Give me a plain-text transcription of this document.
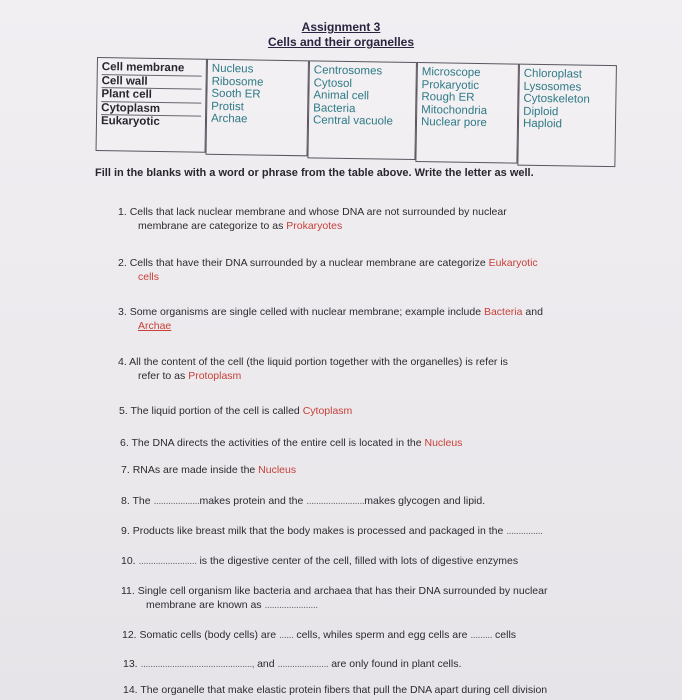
Assignment 3
Cells and their organelles
Cell membrane
Cell wall
Plant cell
Cytoplasm
Eukaryotic
Nucleus
Ribosome
Sooth ER
Protist
Archae
Centrosomes
Cytosol
Animal cell
Bacteria
Central vacuole
Microscope
Prokaryotic
Rough ER
Mitochondria
Nuclear pore
Chloroplast
Lysosomes
Cytoskeleton
Diploid
Haploid
Fill in the blanks with a word or phrase from the table above. Write the letter as well.
1. Cells that lack nuclear membrane and whose DNA are not surrounded by nuclear
membrane are categorize to as Prokaryotes
2. Cells that have their DNA surrounded by a nuclear membrane are categorize Eukaryotic
cells
3. Some organisms are single celled with nuclear membrane; example include Bacteria and
Archae
4. All the content of the cell (the liquid portion together with the organelles) is refer is
refer to as Protoplasm
5. The liquid portion of the cell is called Cytoplasm
6. The DNA directs the activities of the entire cell is located in the Nucleus
7. RNAs are made inside the Nucleus
8. The ...................makes protein and the ........................makes glycogen and lipid.
9. Products like breast milk that the body makes is processed and packaged in the ...............
10. ........................ is the digestive center of the cell, filled with lots of digestive enzymes
11. Single cell organism like bacteria and archaea that has their DNA surrounded by nuclear
membrane are known as ......................
12. Somatic cells (body cells) are ...... cells, whiles sperm and egg cells are ......... cells
13. .............................................., and ..................... are only found in plant cells.
14. The organelle that make elastic protein fibers that pull the DNA apart during cell division
